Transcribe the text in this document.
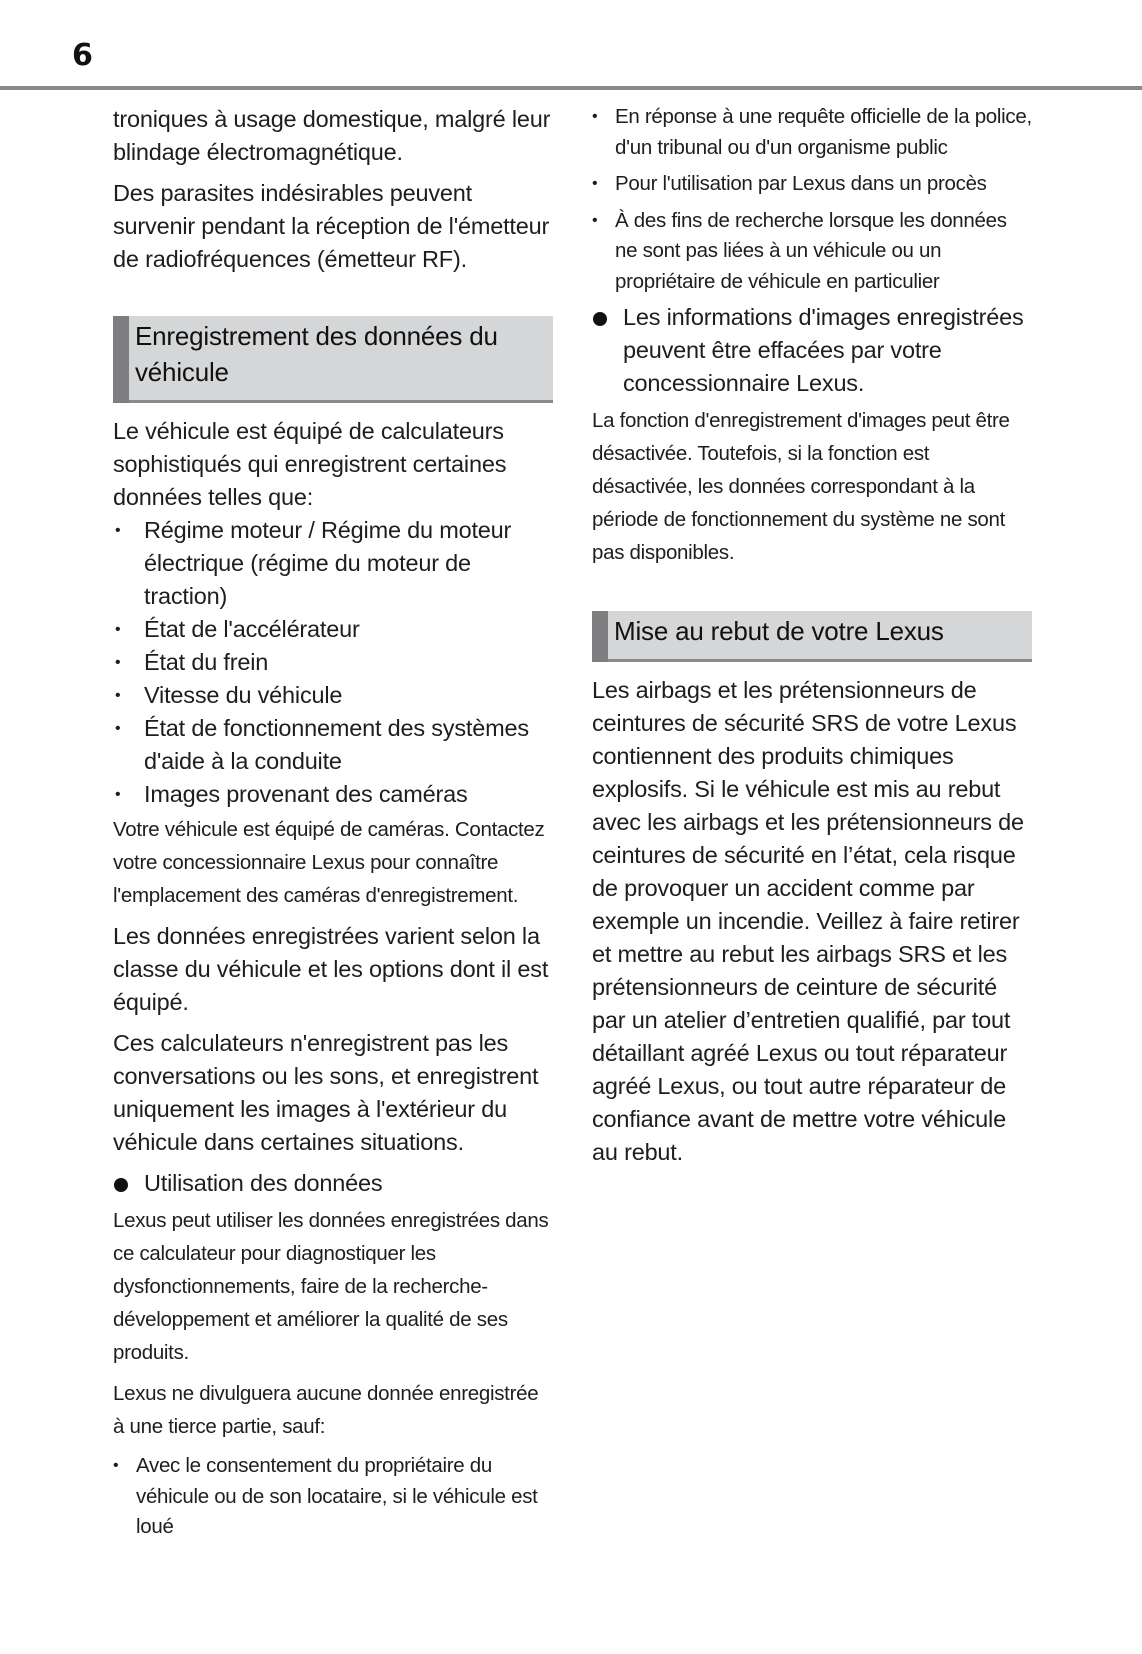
6

troniques à usage domestique, malgré leur blindage électromagnétique.

Des parasites indésirables peuvent survenir pendant la réception de l'émetteur de radiofréquences (émetteur RF).

Enregistrement des données du véhicule

Le véhicule est équipé de calculateurs sophistiqués qui enregistrent certaines données telles que:

• Régime moteur / Régime du moteur électrique (régime du moteur de traction)
• État de l'accélérateur
• État du frein
• Vitesse du véhicule
• État de fonctionnement des systèmes d'aide à la conduite
• Images provenant des caméras

Votre véhicule est équipé de caméras. Contactez votre concessionnaire Lexus pour connaître l'emplacement des caméras d'enregistrement.

Les données enregistrées varient selon la classe du véhicule et les options dont il est équipé.

Ces calculateurs n'enregistrent pas les conversations ou les sons, et enregistrent uniquement les images à l'extérieur du véhicule dans certaines situations.

Utilisation des données

Lexus peut utiliser les données enregistrées dans ce calculateur pour diagnostiquer les dysfonctionnements, faire de la recherche-développement et améliorer la qualité de ses produits.

Lexus ne divulguera aucune donnée enregistrée à une tierce partie, sauf:

• Avec le consentement du propriétaire du véhicule ou de son locataire, si le véhicule est loué
• En réponse à une requête officielle de la police, d'un tribunal ou d'un organisme public
• Pour l'utilisation par Lexus dans un procès
• À des fins de recherche lorsque les données ne sont pas liées à un véhicule ou un propriétaire de véhicule en particulier
Les informations d'images enregistrées peuvent être effacées par votre concessionnaire Lexus.

La fonction d'enregistrement d'images peut être désactivée. Toutefois, si la fonction est désactivée, les données correspondant à la période de fonctionnement du système ne sont pas disponibles.

Mise au rebut de votre Lexus

Les airbags et les prétensionneurs de ceintures de sécurité SRS de votre Lexus contiennent des produits chimiques explosifs. Si le véhicule est mis au rebut avec les airbags et les prétensionneurs de ceintures de sécurité en l’état, cela risque de provoquer un accident comme par exemple un incendie. Veillez à faire retirer et mettre au rebut les airbags SRS et les prétensionneurs de ceinture de sécurité par un atelier d’entretien qualifié, par tout détaillant agréé Lexus ou tout réparateur agréé Lexus, ou tout autre réparateur de confiance avant de mettre votre véhicule au rebut.
